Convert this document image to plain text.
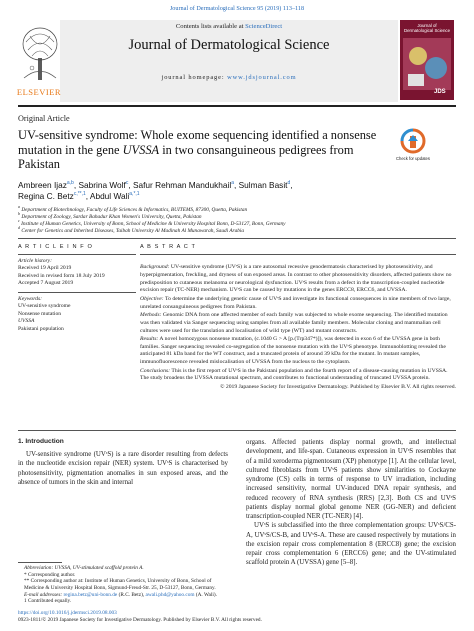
Journal of Dermatological Science 95 (2019) 113–118
ELSEVIER
Contents lists available at ScienceDirect
Journal of Dermatological Science
journal homepage: www.jdsjournal.com
Journal of Dermatological Science
JDS
Original Article
UV-sensitive syndrome: Whole exome sequencing identified a nonsense mutation in the gene UVSSA in two consanguineous pedigrees from Pakistan	Check for updates
Ambreen Ijaz$^{a,b}$, Sabrina Wolf$^c$, Safur Rehman Mandukhail$^a$, Sulman Basit$^d$,
Regina C. Betz$^{c,**,1}$, Abdul Wali$^{a,*,1}$
$^a$ Department of Biotechnology, Faculty of Life Sciences & Informatics, BUITEMS, 87300, Quetta, Pakistan
$^b$ Department of Zoology, Sardar Bahadur Khan Women's University, Quetta, Pakistan
$^c$ Institute of Human Genetics, University of Bonn, School of Medicine & University Hospital Bonn, D-53127, Bonn, Germany
$^d$ Center for Genetics and Inherited Diseases, Taibah University Al Madinah Al Munawarah, Saudi Arabia
A R T I C L E I N F O
Article history:
Received 19 April 2019
Received in revised form 18 July 2019
Accepted 7 August 2019
Keywords:
UV-sensitive syndrome
Nonsense mutation
UVSSA
Pakistani population
A B S T R A C T

Background: UV-sensitive syndrome (UVˢS) is a rare autosomal recessive genodermatosis characterised by photosensitivity, and hyperpigmentation, freckling, and dryness of sun exposed areas. In contrast to other photosensitivity disorders, affected patients show no predisposition to cutaneous melanoma or neurological dysfunction. UVˢS results from a defect in the transcription-coupled nucleotide excision repair (TC-NER) mechanism. UVˢS can be caused by mutations in the genes ERCC8, ERCC6, and UVSSA.

Objective: To determine the underlying genetic cause of UVˢS and investigate its functional consequences in nine members of two large, unrelated consanguineous pedigrees from Pakistan.

Methods: Genomic DNA from one affected member of each family was subjected to whole exome sequencing. The identified mutation was then validated via Sanger sequencing using samples from all available family members. Molecular cloning and mammalian cell cultures were used for the translation and localisation of wild type (WT) and mutant constructs.

Results: A novel homozygous nonsense mutation, (c.1040 G > A [p.(Trp347*)]), was detected in exon 6 of the UVSSA gene in both families. Sanger sequencing revealed co-segregation of the nonsense mutation with the UVˢS phenotype. Immunoblotting revealed the anticipated 81 kDa band for the WT construct, and a truncated protein of around 39 kDa for the mutant. In mutant samples, immunofluorescence revealed mislocalisation of UVSSA from the nucleus to the cytoplasm.

Conclusions: This is the first report of UVˢS in the Pakistani population and the fourth report of a disease-causing mutation in UVSSA. The study broadens the UVSSA mutational spectrum, and contributes to functional understanding of truncated UVSSA protein.

© 2019 Japanese Society for Investigative Dermatology. Published by Elsevier B.V. All rights reserved.

1. Introduction
UV-sensitive syndrome (UVˢS) is a rare disorder resulting from defects in the nucleotide excision repair (NER) system. UVˢS is characterised by photosensitivity, pigmentation anomalies in sun exposed areas, and the absence of tumors in the skin and internal

organs. Affected patients display normal growth, and intellectual development, and life-span. Cutaneous expression in UVˢS resembles that of a mild xeroderma pigmentosum (XP) phenotype [1]. At the cellular level, cultured fibroblasts from UVˢS patients show similarities to Cockayne syndrome (CS) cells in terms of response to UV irradiation, including increased sensitivity, normal UV-induced DNA repair synthesis, and reduced recovery of RNA synthesis (RRS) [2,3]. Both CS and UVˢS patients display normal global genome NER (GG-NER) and deficient transcription-coupled NER (TC-NER) [4].

UVˢS is subclassified into the three complementation groups: UVˢS/CS-A, UVˢS/CS-B, and UVˢS-A. These are caused respectively by mutations in the excision repair cross complementation 8 (ERCC8) gene; the excision repair cross complementation 6 (ERCC6) gene; and the UV-stimulated scaffold protein A (UVSSA) gene [5–8].

Abbreviation: UVSSA, UV-stimulated scaffold protein A.
* Corresponding author.
** Corresponding author at: Institute of Human Genetics, University of Bonn, School of Medicine & University Hospital Bonn, Sigmund-Freud-Str. 25, D-53127, Bonn, Germany.
E-mail addresses: regina.betz@uni-bonn.de (R.C. Betz), awali.phd@yahoo.com (A. Wali).
1 Contributed equally.
https://doi.org/10.1016/j.jdermsci.2019.08.003
0923-1811/© 2019 Japanese Society for Investigative Dermatology. Published by Elsevier B.V. All rights reserved.
